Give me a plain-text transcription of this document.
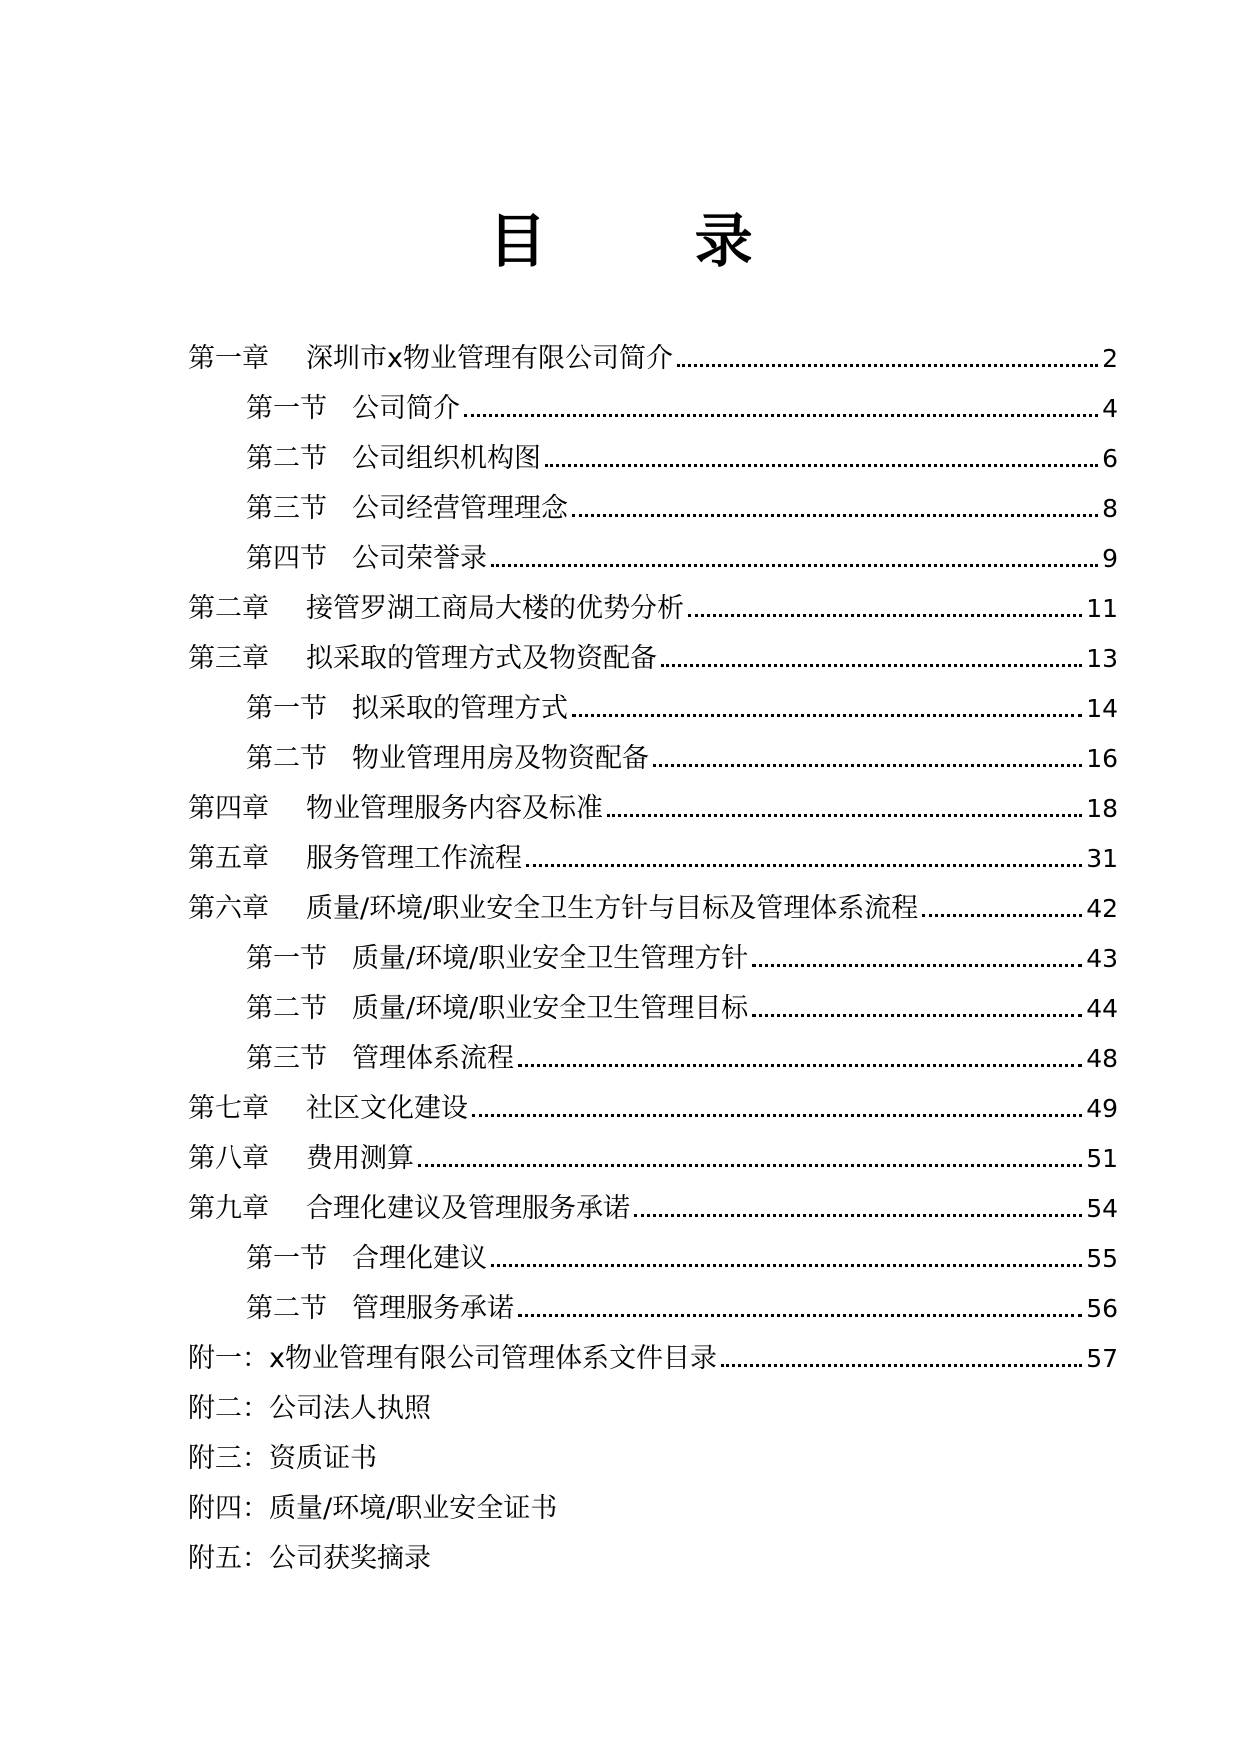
目 录
第一章	深圳市x物业管理有限公司简介	2
第一节 公司简介	4
第二节 公司组织机构图	6
第三节 公司经营管理理念	8
第四节 公司荣誉录	9
第二章	接管罗湖工商局大楼的优势分析	11
第三章	拟采取的管理方式及物资配备	13
第一节 拟采取的管理方式	14
第二节 物业管理用房及物资配备	16
第四章	物业管理服务内容及标准	18
第五章	服务管理工作流程	31
第六章	质量/环境/职业安全卫生方针与目标及管理体系流程	42
第一节 质量/环境/职业安全卫生管理方针	43
第二节 质量/环境/职业安全卫生管理目标	44
第三节 管理体系流程	48
第七章	社区文化建设	49
第八章	费用测算	51
第九章	合理化建议及管理服务承诺	54
第一节 合理化建议	55
第二节 管理服务承诺	56
附一：x物业管理有限公司管理体系文件目录	57
附二：公司法人执照
附三：资质证书
附四：质量/环境/职业安全证书
附五：公司获奖摘录
